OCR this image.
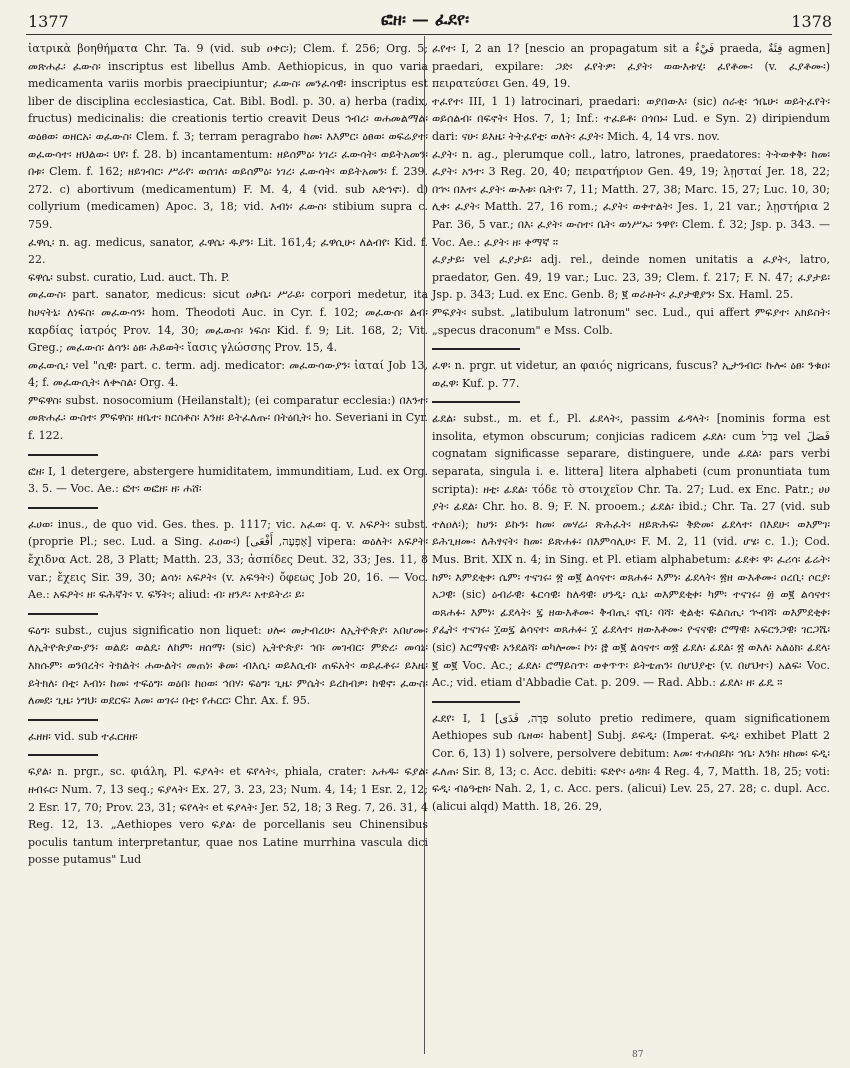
1377	ፎዘ፡ — ፈደየ፡	1378

ἰατρικὰ βοηθήματα Chr. Ta. 9 (vid. sub ዐቀር፡); Clem. f. 256; Org. 5; መጽሐፈ፡ ፈውስ፡ inscriptus est libellus Amb. Aethiopicus, in quo varia medicamenta variis morbis praecipiuntur; ፈውስ፡ መንፈሳዊ፡ inscriptus est liber de disciplina ecclesiastica, Cat. Bibl. Bodl. p. 30. a) herba (radix, fructus) medicinalis: die creationis tertio creavit Deus ኅብረ፡ ወሐመልማል፡ ወዕፀወ፡ ወዘርአ፡ ወፈውስ፡ Clem. f. 3; terram peragrabo ከመ፡ እእምር፡ ዕፀወ፡ ወፍሬያተ፡ ወፈውሳተ፡ ዘህልው፡ ህየ፡ f. 28. b) incantamentum: ዘይሰምዕ፡ ነገረ፡ ፈውሳት፡ ወይትአመን፡ በቱ፡ Clem. f. 162; ዘይገብር፡ ሥራየ፡ ወሰገለ፡ ወይሰምዕ፡ ነገረ፡ ፈውሳት፡ ወይትአመን፡ f. 239. 272. c) abortivum (medicamentum) F. M. 4, 4 (vid. sub አድኅኖ፡). d) collyrium (medicamen) Apoc. 3, 18; vid. እብነ፡ ፈውስ፡ stibium supra c. 759.

ፈዋሲ፡ n. ag. medicus, sanator, ፈዋሴ፡ ዱያን፡ Lit. 161,4; ፈዋሲሁ፡ ለልብየ፡ Kid. f. 22.

ፍዋሴ፡ subst. curatio, Lud. auct. Th. P.

መፈውስ፡ part. sanator, medicus: sicut ዐቃቤ፡ ሥራይ፡ corpori medetur, ita ከሀናትኒ፡ ለነፍስ፡ መፈውሳን፡ hom. Theodoti Auc. in Cyr. f. 102; መፈውሰ፡ ልብ፡ καρδίας ἰατρός Prov. 14, 30; መፈውሰ፡ ነፍስ፡ Kid. f. 9; Lit. 168, 2; Vit. Greg.; መፈውሰ፡ ልሳን፡ ዕፀ፡ ሕይወት፡ ἴασις γλώσσης Prov. 15, 4.

መፈውሲ፡ vel "ሲዊ፡ part. c. term. adj. medicator: መፈውሳውያን፡ ἰαταί Job 13, 4; f. መፈውሲት፡ ለቍስል፡ Org. 4.

ምፍዋስ፡ subst. nosocomium (Heilanstalt); (ei comparatur ecclesia:) በእንተ፡ መጽሐፈ፡ ውስተ፡ ምፍዋስ፡ ዘቤተ፡ ክርስቶስ፡ እንዘ፡ ይትፈለጡ፡ በትዕቢት፡ ho. Severiani in Cyr. f. 122.

ፎዘ፡ I, 1 detergere, abstergere humiditatem, immunditiam, Lud. ex Org. 3. 5. — Voc. Ae.: ፎተ፡ ወፎዘ፡ ዘ፡ ሐሸ፡

ፈሀወ፡ inus., de quo vid. Ges. thes. p. 1117; vic. አፈወ፡ q. v. አፍዖት፡ subst. (proprie Pl.; sec. Lud. a Sing. ፈዐው፡) [אֶפְעֶה, أَفْعَى] vipera: ወዕለት፡ አፍዖት፡ ἔχιδνα Act. 28, 3 Platt; Matth. 23, 33; ἀσπίδες Deut. 32, 33; Jes. 11, 8 var.; ἔχεις Sir. 39, 30; ልሳነ፡ አፍዖት፡ (v. አፍዓት፡) ὄφεως Job 20, 16. — Voc. Ae.: አፍዖት፡ ዘ፡ ፍሕኛት፡ v. ፍኝት፡; aliud: ብ፡ ዘንዶ፡ አተይትሪ፡ ይ፡

ፍዕግ፡ subst., cujus significatio non liquet: ሀሎ፡ መታብረሁ፡ ለኢትዮጵያ፡ አበሆሙ፡ ለኢትዮጵያውያን፡ ወልደ፡ ወልዴ፡ ለከም፡ ዘሰማ፡ (sic) ኢትዮጵያ፡ ኅበ፡ መገብር፡ ምድረ፡ መሳኒ፡ እክሱም፡ ወንበረት፡ ትክልት፡ ሐውልት፡ መጠነ፡ ቆመ፡ ብእሲ፡ ወይእሲብ፡ ጠፍአት፡ ወይፈቶሩ፡ ይእዜ፡ ይትክለ፡ በቲ፡ እብነ፡ ከመ፡ ተፍዕግ፡ ወዕበ፡ ከዐወ፡ ኅበሃ፡ ፍዕግ፡ ጊዜ፡ ምሴት፡ ይረከብዎ፡ ከዊኖ፡ ፈውስ፡ ለመደ፡ ጊዜ፡ ነግህ፡ ወደርፍ፡ እመ፡ ወገሩ፡ በቲ፡ የሐርር፡ Chr. Ax. f. 95.

ፈዘዘ፡ vid. sub ተፈርዘዘ፡

ፍያል፡ n. prgr., sc. φιάλη, Pl. ፍያላት፡ et ፍየላት፡, phiala, crater: አሐዱ፡ ፍያል፡ ዘብሩር፡ Num. 7, 13 seq.; ፍያላት፡ Ex. 27, 3. 23, 23; Num. 4, 14; 1 Esr. 2, 12; 2 Esr. 17, 70; Prov. 23, 31; ፍየላት፡ et ፍያላት፡ Jer. 52, 18; 3 Reg. 7, 26. 31, 4 Reg. 12, 13. „Aethiopes vero ፍያል፡ de porcellanis seu Chinensibus poculis tantum interpretantur, quae nos Latine murrhina vascula dici posse putamus" Lud

ፈየተ፡ I, 2 an 1? [nescio an propagatum sit a فَيْءٌ praeda, فِئَةٌ agmen] praedari, expilare: ጋድ፡ ፈየትዎ፡ ፈያት፡ ወውእቱሂ፡ ፈየቶሙ፡ (v. ፈያቶሙ፡) πειρατεύσει Gen. 49, 19.

ተፈየተ፡ III, 1 1) latrocinari, praedari: ወያበውእ፡ (sic) ሰራቂ፡ ኅቤሁ፡ ወይትፈየት፡ ወይሰልብ፡ በፍኖት፡ Hos. 7, 1; Inf.: ተፈይቶ፡ በጎበኑ፡ Lud. e Syn. 2) diripiendum dari: ናሁ፡ ይእዜ፡ ትትፈየቲ፡ ወለት፡ ፈያት፡ Mich. 4, 14 vrs. nov.

ፈያት፡ n. ag., plerumque coll., latro, latrones, praedatores: ትትወቀቅ፡ ከመ፡ ፈያት፡ አንተ፡ 3 Reg. 20, 40; πειρατήριον Gen. 49, 19; λῃσταί Jer. 18, 22; በኍ፡ በእተ፡ ፈያት፡ ውእቱ፡ ቤትየ፡ 7, 11; Matth. 27, 38; Marc. 15, 27; Luc. 10, 30; ሊቀ፡ ፈያት፡ Matth. 27, 16 rom.; ፈያት፡ ወቀተልት፡ Jes. 1, 21 var.; λῃστήρια 2 Par. 36, 5 var.; በእ፡ ፈያት፡ ውስተ፡ ቤት፡ ወነሥኡ፡ ንዋየ፡ Clem. f. 32; Jsp. p. 343. — Voc. Ae.: ፈያት፡ ዘ፡ ቀማኛ ።

ፈያታይ፡ vel ፈያታይ፡ adj. rel., deinde nomen unitatis a ፈያት፡, latro, praedator, Gen. 49, 19 var.; Luc. 23, 39; Clem. f. 217; F. N. 47; ፈያታይ፡ Jsp. p. 343; Lud. ex Enc. Genb. 8; ፪ ወራዙት፡ ፈያታዊያን፡ Sx. Haml. 25.

ምፍያት፡ subst. „latibulum latronum" sec. Lud., qui affert ምፍያተ፡ አክይስት፡ „specus draconum" e Mss. Colb.

ፈዋ፡ n. prgr. ut videtur, an φαιός nigricans, fuscus? ኢታንብር፡ ኩሎ፡ ዕፀ፡ ንቁዐ፡ ወፈዋ፡ Kuf. p. 77.

ፊደል፡ subst., m. et f., Pl. ፊደላት፡, passim ፊዳላት፡ [nominis forma est insolita, etymon obscurum; conjicias radicem ፈደለ፡ cum בָּדַל vel فَصَلَ cognatam significasse separare, distinguere, unde ፊደል፡ pars verbi separata, singula i. e. littera] litera alphabeti (cum pronuntiata tum scripta): ዘቲ፡ ፊደል፡ τόδε τὸ στοιχεῖον Chr. Ta. 27; Lud. ex Enc. Patr.; ሀሀ ያት፡ ፊደል፡ Chr. ho. 8. 9; F. N. prooem.; ፊደል፡ ibid.; Chr. Ta. 27 (vid. sub ተለዐለ፡); ከሀን፡ ይኩን፡ ከመ፡ መሃሬ፡ ጽሕፈት፡ ዘይጽሕፍ፡ ቅድመ፡ ፊደላተ፡ በእደሁ፡ ወእምገ፡ ይሕጊዘሙ፡ ለሕፃናት፡ ከመ፡ ይጽሐፉ፡ በእምሳሊሁ፡ F. M. 2, 11 (vid. ሆሄ፡ c. 1.); Cod. Mus. Brit. XIX n. 4; in Sing. et Pl. etiam alphabetum: ፊደቀ፡ ዋ፡ ፈሪሳ፡ ፊሬት፡ ከም፡ እምደቂቀ፡ ሴም፡ ተናገሩ፡ ፳ ወ፪ ልሳናተ፡ ወጸሐፉ፡ እምነ፡ ፊደላት፡ ፳ዘ ውእቶሙ፡ ዐረቢ፡ ሶርያ፡ አጋዊ፡ (sic) ዕብራዊ፡ ፋርሳዊ፡ ከለዳዊ፡ ሀንዲ፡ ሲኒ፡ ወእምደቂቀ፡ ካም፡ ተናገሩ፡ ፴ ወ፪ ልሳናተ፡ ወጸሐፉ፡ እምነ፡ ፊደላት፡ ፯ ዘውእቶሙ፡ ቅብጢ፡ ኖቢ፡ ባሻ፡ ቂልቂ፡ ፍልስጢ፡ ኍብሻ፡ ወእምደቂቀ፡ ያፌት፡ ተናገሩ፡ ፲ወ፯ ልሳናተ፡ ወጸሐፉ፡ ፲ ፊደላተ፡ ዘውእቶሙ፡ ዮናናዊ፡ ሮማዊ፡ አፍርንጋዊ፡ ገርጋሼ፡ (sic) እርማናዊ፡ አንደልሻ፡ ወካሎሙ፡ ኮነ፡ ፸ ወ፪ ልሳናተ፡ ወ፳ ፊደለ፡ ፊደል፡ ፳ ወእለ፡ አልዕክ፡ ፊደላ፡ ፪ ወ፪ Voc. Ac.; ፊደለ፡ ሮማይስጥ፡ ወቀጥጥ፡ ይትቴጠን፡ በሆህያቲ፡ (v. በሆህተ፡) አልፍ፡ Voc. Ac.; vid. etiam d'Abbadie Cat. p. 209. — Rad. Abb.: ፊደለ፡ ዘ፡ ፊዴ ።

ፈደየ፡ I, 1 [פָּדָה, فَدَى soluto pretio redimere, quam significationem Aethiopes sub ቤዘወ፡ habent] Subj. ይፍዲ፡ (Imperat. ፍዲ፡ exhibet Platt 2 Cor. 6, 13) 1) solvere, persolvere debitum: እመ፡ ተሐበይከ፡ ኅቤ፡ እንከ፡ ዘከመ፡ ፍዲ፡ ፈለጠ፡ Sir. 8, 13; c. Acc. debiti: ፍድዮ፡ ዕዳክ፡ 4 Reg. 4, 7, Matth. 18, 25; voti: ፍዲ፡ ብፅዓቲክ፡ Nah. 2, 1, c. Acc. pers. (alicui) Lev. 25, 27. 28; c. dupl. Acc. (alicui alqd) Matth. 18, 26. 29,

87
